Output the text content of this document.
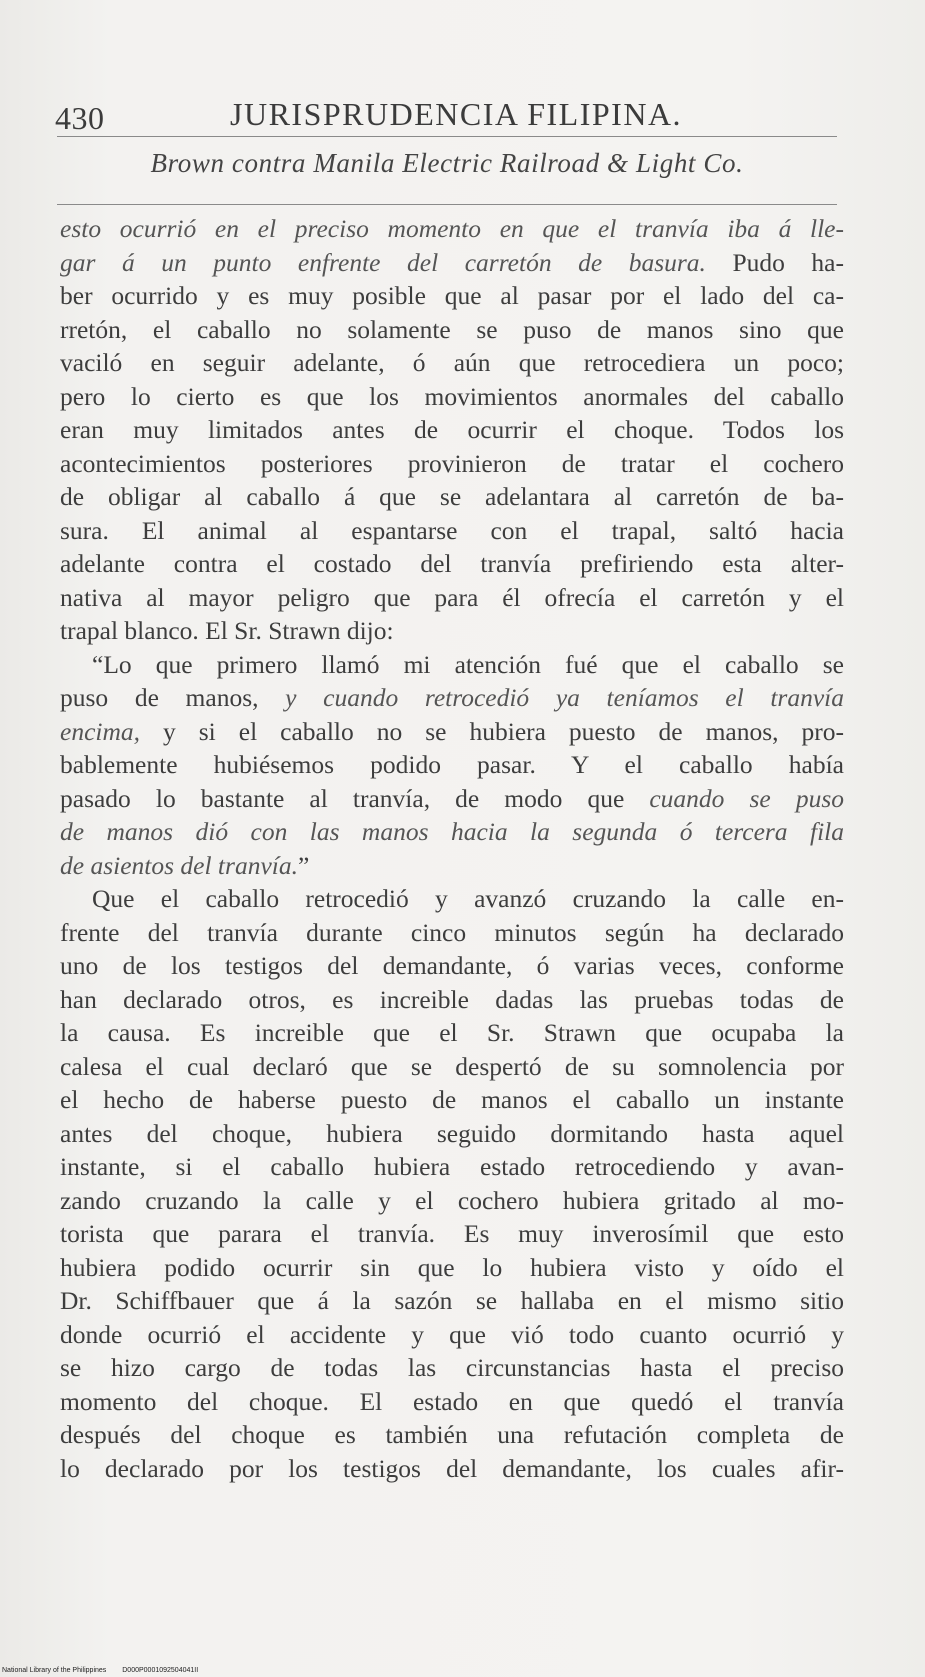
430	JURISPRUDENCIA FILIPINA.
Brown contra Manila Electric Railroad & Light Co.
esto ocurrió en el preciso momento en que el tranvía iba á lle-
gar á un punto enfrente del carretón de basura. Pudo ha-
ber ocurrido y es muy posible que al pasar por el lado del ca-
rretón, el caballo no solamente se puso de manos sino que
vaciló en seguir adelante, ó aún que retrocediera un poco;
pero lo cierto es que los movimientos anormales del caballo
eran muy limitados antes de ocurrir el choque. Todos los
acontecimientos posteriores provinieron de tratar el cochero
de obligar al caballo á que se adelantara al carretón de ba-
sura. El animal al espantarse con el trapal, saltó hacia
adelante contra el costado del tranvía prefiriendo esta alter-
nativa al mayor peligro que para él ofrecía el carretón y el
trapal blanco. El Sr. Strawn dijo:
“Lo que primero llamó mi atención fué que el caballo se
puso de manos, y cuando retrocedió ya teníamos el tranvía
encima, y si el caballo no se hubiera puesto de manos, pro-
bablemente hubiésemos podido pasar. Y el caballo había
pasado lo bastante al tranvía, de modo que cuando se puso
de manos dió con las manos hacia la segunda ó tercera fila
de asientos del tranvía.”
Que el caballo retrocedió y avanzó cruzando la calle en-
frente del tranvía durante cinco minutos según ha declarado
uno de los testigos del demandante, ó varias veces, conforme
han declarado otros, es increible dadas las pruebas todas de
la causa. Es increible que el Sr. Strawn que ocupaba la
calesa el cual declaró que se despertó de su somnolencia por
el hecho de haberse puesto de manos el caballo un instante
antes del choque, hubiera seguido dormitando hasta aquel
instante, si el caballo hubiera estado retrocediendo y avan-
zando cruzando la calle y el cochero hubiera gritado al mo-
torista que parara el tranvía. Es muy inverosímil que esto
hubiera podido ocurrir sin que lo hubiera visto y oído el
Dr. Schiffbauer que á la sazón se hallaba en el mismo sitio
donde ocurrió el accidente y que vió todo cuanto ocurrió y
se hizo cargo de todas las circunstancias hasta el preciso
momento del choque. El estado en que quedó el tranvía
después del choque es también una refutación completa de
lo declarado por los testigos del demandante, los cuales afir-
National Library of the Philippines D000P0001092504041II
